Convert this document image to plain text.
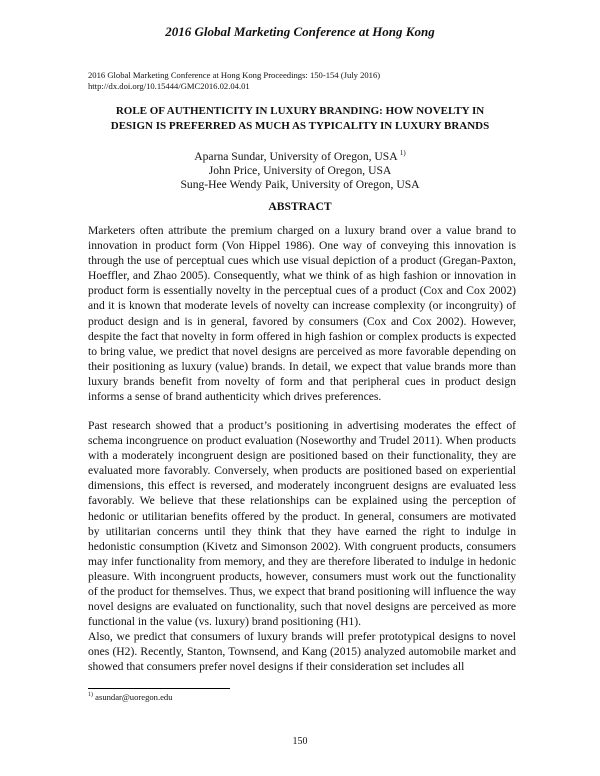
2016 Global Marketing Conference at Hong Kong
2016 Global Marketing Conference at Hong Kong Proceedings: 150-154 (July 2016)
http://dx.doi.org/10.15444/GMC2016.02.04.01
ROLE OF AUTHENTICITY IN LUXURY BRANDING: HOW NOVELTY IN
DESIGN IS PREFERRED AS MUCH AS TYPICALITY IN LUXURY BRANDS
Aparna Sundar, University of Oregon, USA $^{1)}$
John Price, University of Oregon, USA
Sung-Hee Wendy Paik, University of Oregon, USA
ABSTRACT

Marketers often attribute the premium charged on a luxury brand over a value brand to innovation in product form (Von Hippel 1986). One way of conveying this innovation is through the use of perceptual cues which use visual depiction of a product (Gregan-Paxton, Hoeffler, and Zhao 2005). Consequently, what we think of as high fashion or innovation in product form is essentially novelty in the perceptual cues of a product (Cox and Cox 2002) and it is known that moderate levels of novelty can increase complexity (or incongruity) of product design and is in general, favored by consumers (Cox and Cox 2002). However, despite the fact that novelty in form offered in high fashion or complex products is expected to bring value, we predict that novel designs are perceived as more favorable depending on their positioning as luxury (value) brands. In detail, we expect that value brands more than luxury brands benefit from novelty of form and that peripheral cues in product design informs a sense of brand authenticity which drives preferences.

Past research showed that a product’s positioning in advertising moderates the effect of schema incongruence on product evaluation (Noseworthy and Trudel 2011). When products with a moderately incongruent design are positioned based on their functionality, they are evaluated more favorably. Conversely, when products are positioned based on experiential dimensions, this effect is reversed, and moderately incongruent designs are evaluated less favorably. We believe that these relationships can be explained using the perception of hedonic or utilitarian benefits offered by the product. In general, consumers are motivated by utilitarian concerns until they think that they have earned the right to indulge in hedonistic consumption (Kivetz and Simonson 2002). With congruent products, consumers may infer functionality from memory, and they are therefore liberated to indulge in hedonic pleasure. With incongruent products, however, consumers must work out the functionality of the product for themselves. Thus, we expect that brand positioning will influence the way novel designs are evaluated on functionality, such that novel designs are perceived as more functional in the value (vs. luxury) brand positioning (H1).

Also, we predict that consumers of luxury brands will prefer prototypical designs to novel ones (H2). Recently, Stanton, Townsend, and Kang (2015) analyzed automobile market and showed that consumers prefer novel designs if their consideration set includes all

$^{1)}$ asundar@uoregon.edu
150
